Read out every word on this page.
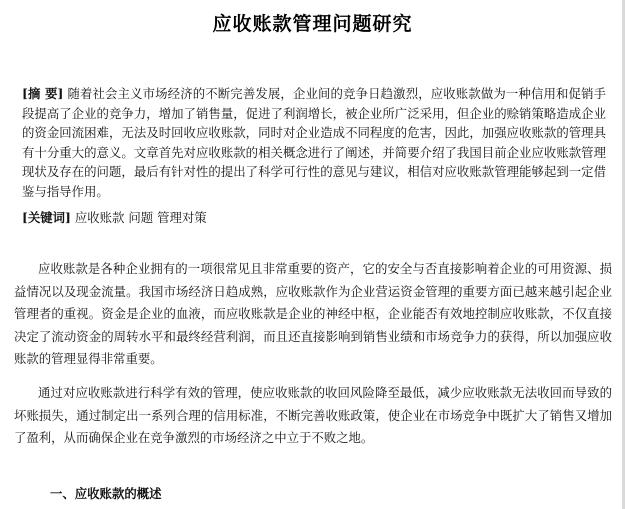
应收账款管理问题研究

[摘 要] 随着社会主义市场经济的不断完善发展，企业间的竞争日趋激烈，应收账款做为一种信用和促销手段提高了企业的竞争力，增加了销售量，促进了利润增长，被企业所广泛采用，但企业的赊销策略造成企业的资金回流困难，无法及时回收应收账款，同时对企业造成不同程度的危害，因此，加强应收账款的管理具有十分重大的意义。文章首先对应收账款的相关概念进行了阐述，并简要介绍了我国目前企业应收账款管理现状及存在的问题，最后有针对性的提出了科学可行性的意见与建议，相信对应收账款管理能够起到一定借鉴与指导作用。

[关键词] 应收账款 问题 管理对策

应收账款是各种企业拥有的一项很常见且非常重要的资产，它的安全与否直接影响着企业的可用资源、损益情况以及现金流量。我国市场经济日趋成熟，应收账款作为企业营运资金管理的重要方面已越来越引起企业管理者的重视。资金是企业的血液，而应收账款是企业的神经中枢，企业能否有效地控制应收账款，不仅直接决定了流动资金的周转水平和最终经营利润，而且还直接影响到销售业绩和市场竞争力的获得，所以加强应收账款的管理显得非常重要。

通过对应收账款进行科学有效的管理，使应收账款的收回风险降至最低，减少应收账款无法收回而导致的坏账损失，通过制定出一系列合理的信用标准，不断完善收账政策，使企业在市场竞争中既扩大了销售又增加了盈利，从而确保企业在竞争激烈的市场经济之中立于不败之地。

一、应收账款的概述
